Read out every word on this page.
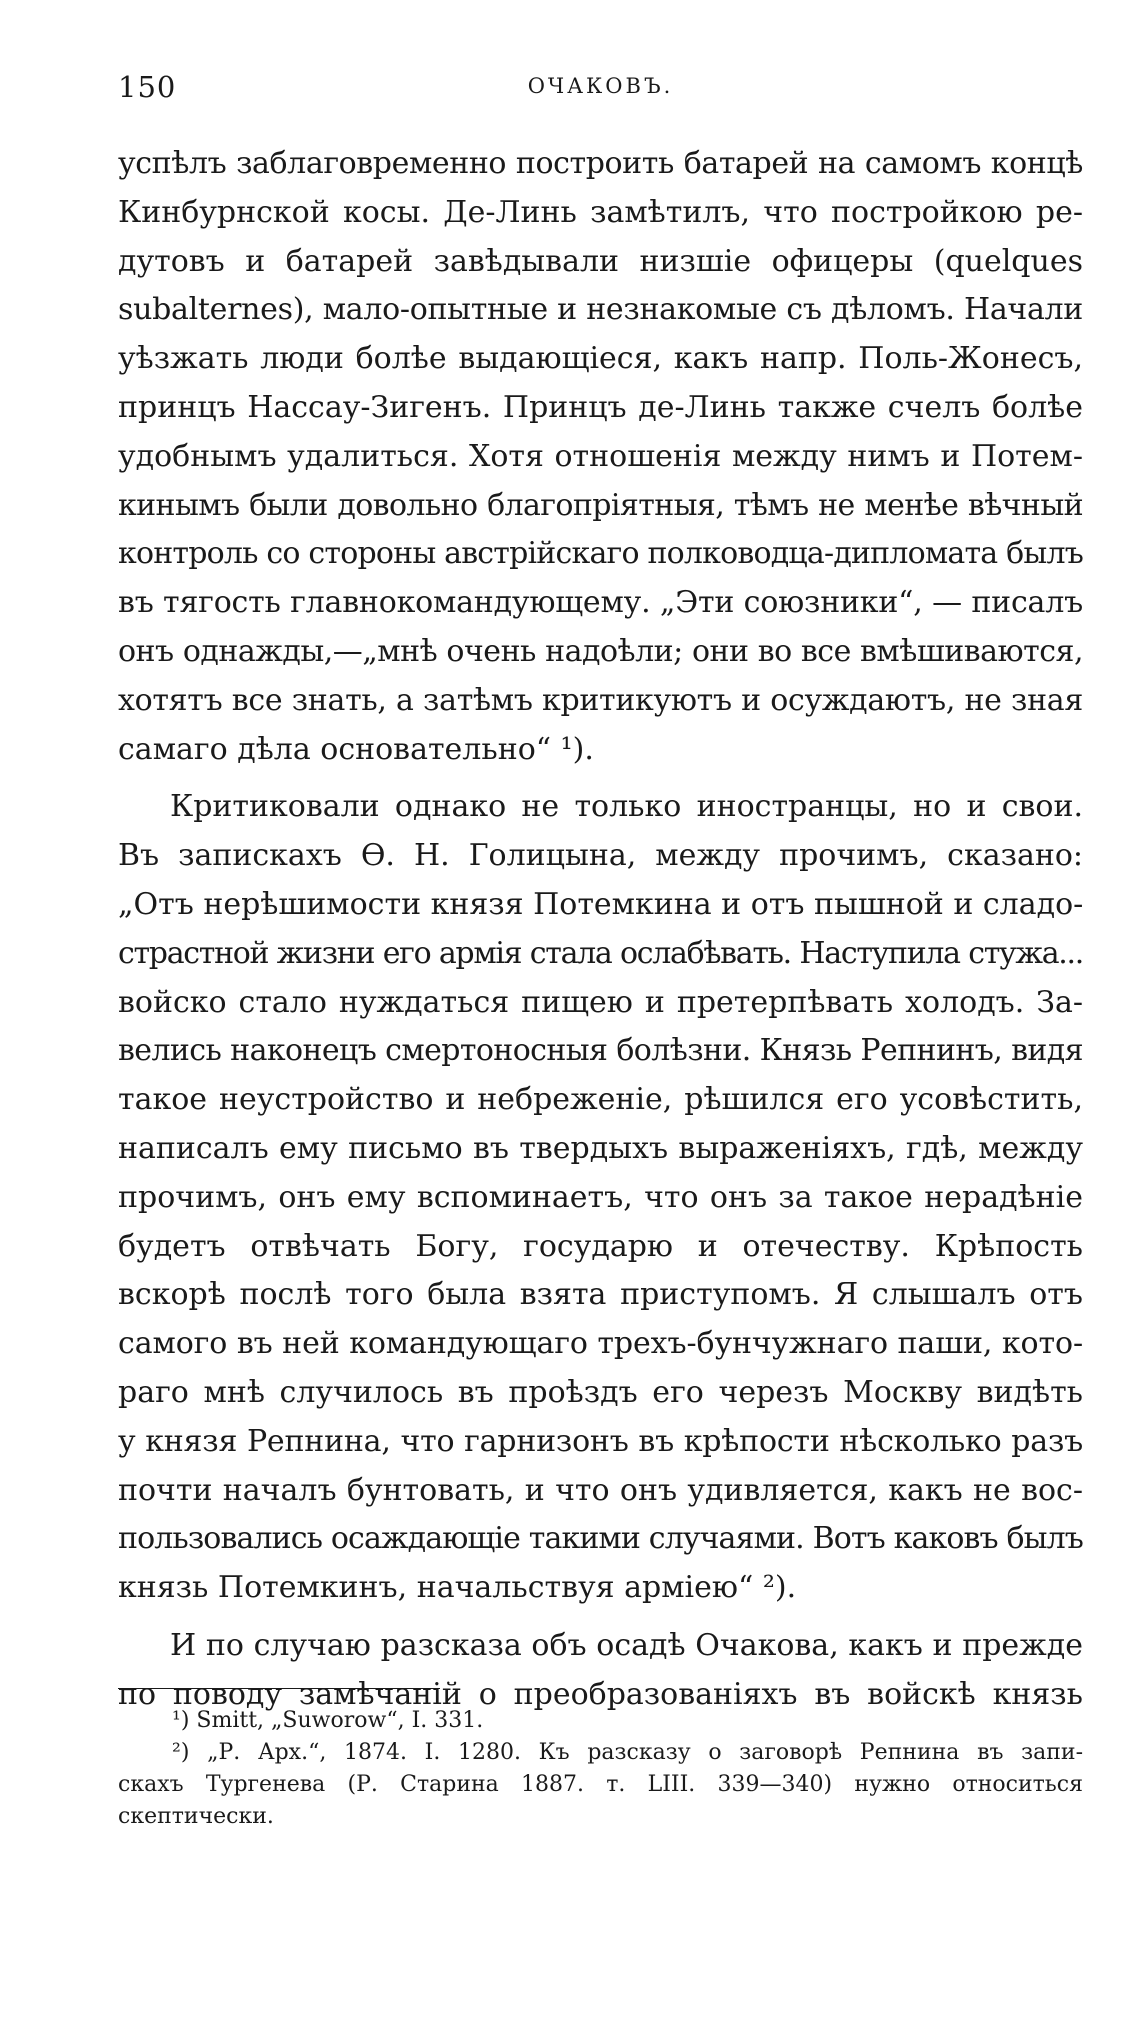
150	ОЧАКОВЪ.
успѣлъ заблаговременно построить батарей на самомъ концѣ
Кинбурнской косы. Де-Линь замѣтилъ, что постройкою ре-
дутовъ и батарей завѣдывали низшіе офицеры (quelques
subalternes), мало-опытные и незнакомые съ дѣломъ. Начали
уѣзжать люди болѣе выдающіеся, какъ напр. Поль-Жонесъ,
принцъ Нассау-Зигенъ. Принцъ де-Линь также счелъ болѣе
удобнымъ удалиться. Хотя отношенія между нимъ и Потем-
кинымъ были довольно благопріятныя, тѣмъ не менѣе вѣчный
контроль со стороны австрійскаго полководца-дипломата былъ
въ тягость главнокомандующему. „Эти союзники“, — писалъ
онъ однажды,—„мнѣ очень надоѣли; они во все вмѣшиваются,
хотятъ все знать, а затѣмъ критикуютъ и осуждаютъ, не зная
самаго дѣла основательно“ ¹).
Критиковали однако не только иностранцы, но и свои.
Въ запискахъ Ѳ. Н. Голицына, между прочимъ, сказано:
„Отъ нерѣшимости князя Потемкина и отъ пышной и сладо-
страстной жизни его армія стала ослабѣвать. Наступила стужа...
войско стало нуждаться пищею и претерпѣвать холодъ. За-
велись наконецъ смертоносныя болѣзни. Князь Репнинъ, видя
такое неустройство и небреженіе, рѣшился его усовѣстить,
написалъ ему письмо въ твердыхъ выраженіяхъ, гдѣ, между
прочимъ, онъ ему вспоминаетъ, что онъ за такое нерадѣніе
будетъ отвѣчать Богу, государю и отечеству. Крѣпость
вскорѣ послѣ того была взята приступомъ. Я слышалъ отъ
самого въ ней командующаго трехъ-бунчужнаго паши, кото-
раго мнѣ случилось въ проѣздъ его черезъ Москву видѣть
у князя Репнина, что гарнизонъ въ крѣпости нѣсколько разъ
почти началъ бунтовать, и что онъ удивляется, какъ не вос-
пользовались осаждающіе такими случаями. Вотъ каковъ былъ
князь Потемкинъ, начальствуя арміею“ ²).
И по случаю разсказа объ осадѣ Очакова, какъ и прежде
по поводу замѣчаній о преобразованіяхъ въ войскѣ князь
¹) Smitt, „Suworow“, I. 331.
²) „Р. Арх.“, 1874. I. 1280. Къ разсказу о заговорѣ Репнина въ запи-
скахъ Тургенева (Р. Старина 1887. т. LIII. 339—340) нужно относиться
скептически.
